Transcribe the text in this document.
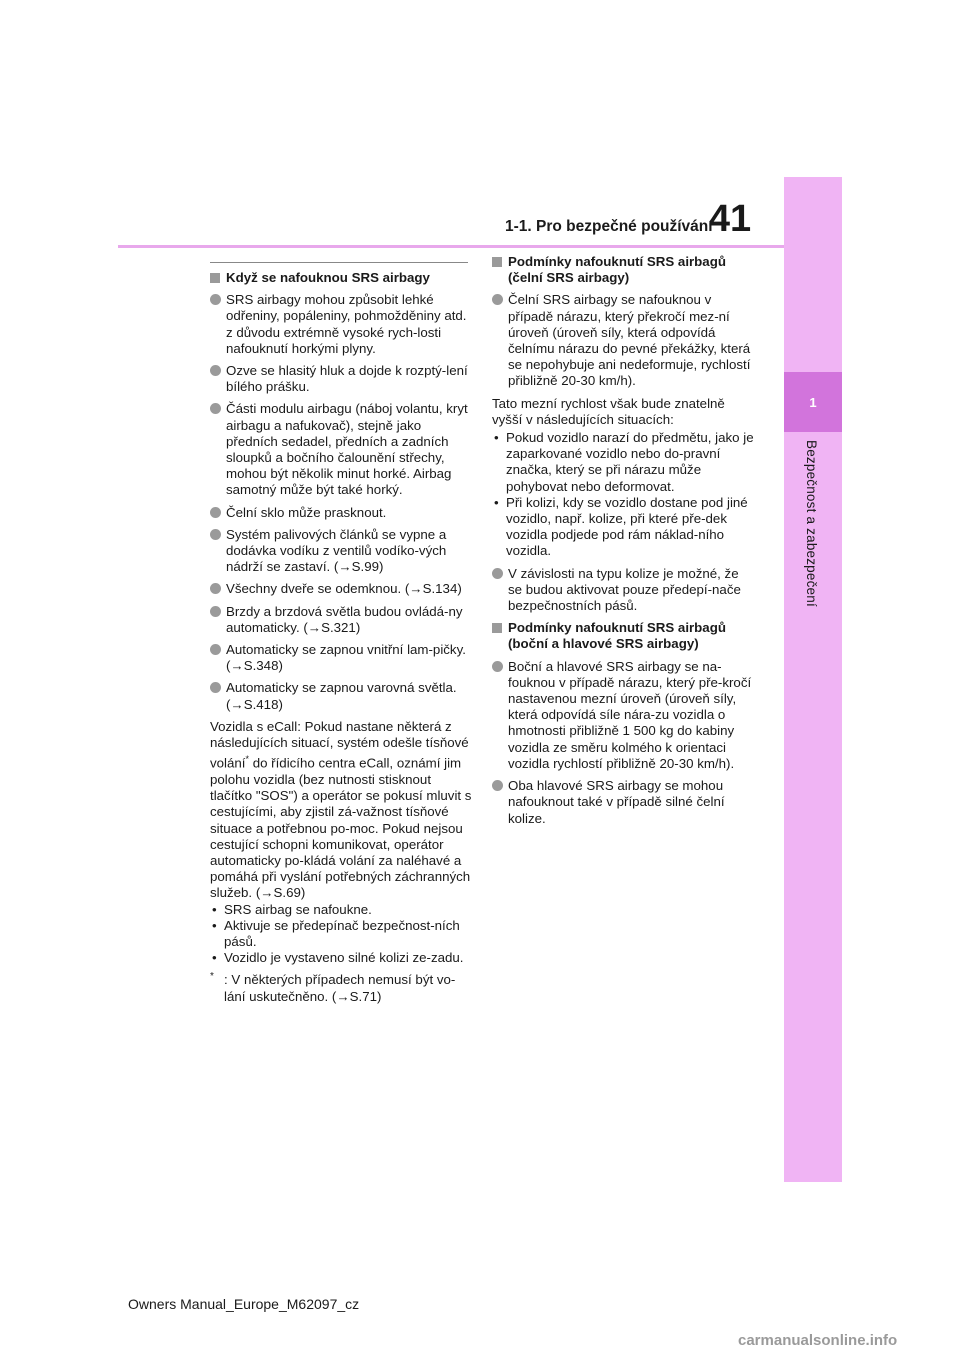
41
1-1. Pro bezpečné používání
1
Bezpečnost a zabezpečení
Když se nafouknou SRS airbagy
SRS airbagy mohou způsobit lehké odřeniny, popáleniny, pohmožděniny atd. z důvodu extrémně vysoké rych-losti nafouknutí horkými plyny.
Ozve se hlasitý hluk a dojde k rozptý-lení bílého prášku.
Části modulu airbagu (náboj volantu, kryt airbagu a nafukovač), stejně jako předních sedadel, předních a zadních sloupků a bočního čalounění střechy, mohou být několik minut horké. Airbag samotný může být také horký.
Čelní sklo může prasknout.
Systém palivových článků se vypne a dodávka vodíku z ventilů vodíko-vých nádrží se zastaví. (→S.99)
Všechny dveře se odemknou. (→S.134)
Brzdy a brzdová světla budou ovládá-ny automaticky. (→S.321)
Automaticky se zapnou vnitřní lam-pičky. (→S.348)
Automaticky se zapnou varovná světla. (→S.418)
Vozidla s eCall: Pokud nastane některá z následujících situací, systém odešle tísňové volání* do řídicího centra eCall, oznámí jim polohu vozidla (bez nutnosti stisknout tlačítko "SOS") a operátor se pokusí mluvit s cestujícími, aby zjistil zá-važnost tísňové situace a potřebnou po-moc. Pokud nejsou cestující schopni komunikovat, operátor automaticky po-kládá volání za naléhavé a pomáhá při vyslání potřebných záchranných služeb. (→S.69)
• SRS airbag se nafoukne.
• Aktivuje se předepínač bezpečnost-ních pásů.
• Vozidlo je vystaveno silné kolizi ze-zadu.
* : V některých případech nemusí být vo-lání uskutečněno. (→S.71)
Podmínky nafouknutí SRS airbagů (čelní SRS airbagy)
Čelní SRS airbagy se nafouknou v případě nárazu, který překročí mez-ní úroveň (úroveň síly, která odpovídá čelnímu nárazu do pevné překážky, která se nepohybuje ani nedeformuje, rychlostí přibližně 20-30 km/h).
Tato mezní rychlost však bude znatelně vyšší v následujících situacích:
• Pokud vozidlo narazí do předmětu, jako je zaparkované vozidlo nebo do-pravní značka, který se při nárazu může pohybovat nebo deformovat.
• Při kolizi, kdy se vozidlo dostane pod jiné vozidlo, např. kolize, při které pře-dek vozidla podjede pod rám náklad-ního vozidla.
V závislosti na typu kolize je možné, že se budou aktivovat pouze předepí-nače bezpečnostních pásů.
Podmínky nafouknutí SRS airbagů (boční a hlavové SRS airbagy)
Boční a hlavové SRS airbagy se na-fouknou v případě nárazu, který pře-kročí nastavenou mezní úroveň (úroveň síly, která odpovídá síle nára-zu vozidla o hmotnosti přibližně 1 500 kg do kabiny vozidla ze směru kolmého k orientaci vozidla rychlostí přibližně 20-30 km/h).
Oba hlavové SRS airbagy se mohou nafouknout také v případě silné čelní kolize.
Owners Manual_Europe_M62097_cz
carmanualsonline.info
